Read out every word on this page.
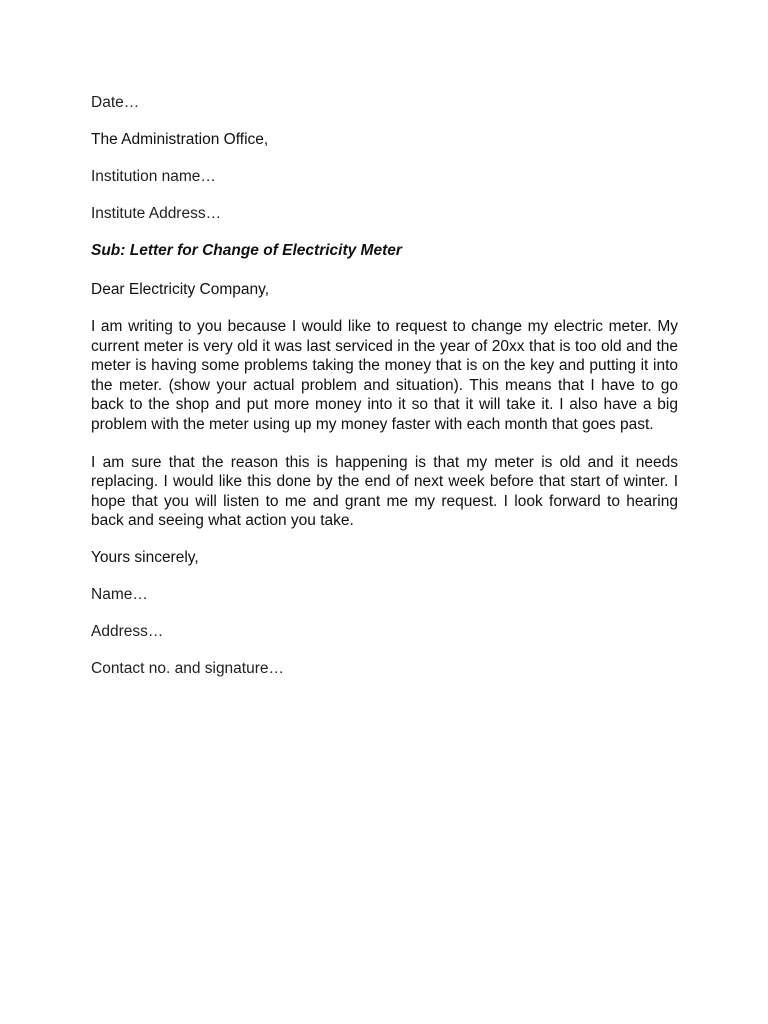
Date…

The Administration Office,

Institution name…

Institute Address…

Sub: Letter for Change of Electricity Meter

Dear Electricity Company,

I am writing to you because I would like to request to change my electric meter. My current meter is very old it was last serviced in the year of 20xx that is too old and the meter is having some problems taking the money that is on the key and putting it into the meter. (show your actual problem and situation). This means that I have to go back to the shop and put more money into it so that it will take it. I also have a big problem with the meter using up my money faster with each month that goes past.

I am sure that the reason this is happening is that my meter is old and it needs replacing. I would like this done by the end of next week before that start of winter. I hope that you will listen to me and grant me my request. I look forward to hearing back and seeing what action you take.

Yours sincerely,

Name…

Address…

Contact no. and signature…
